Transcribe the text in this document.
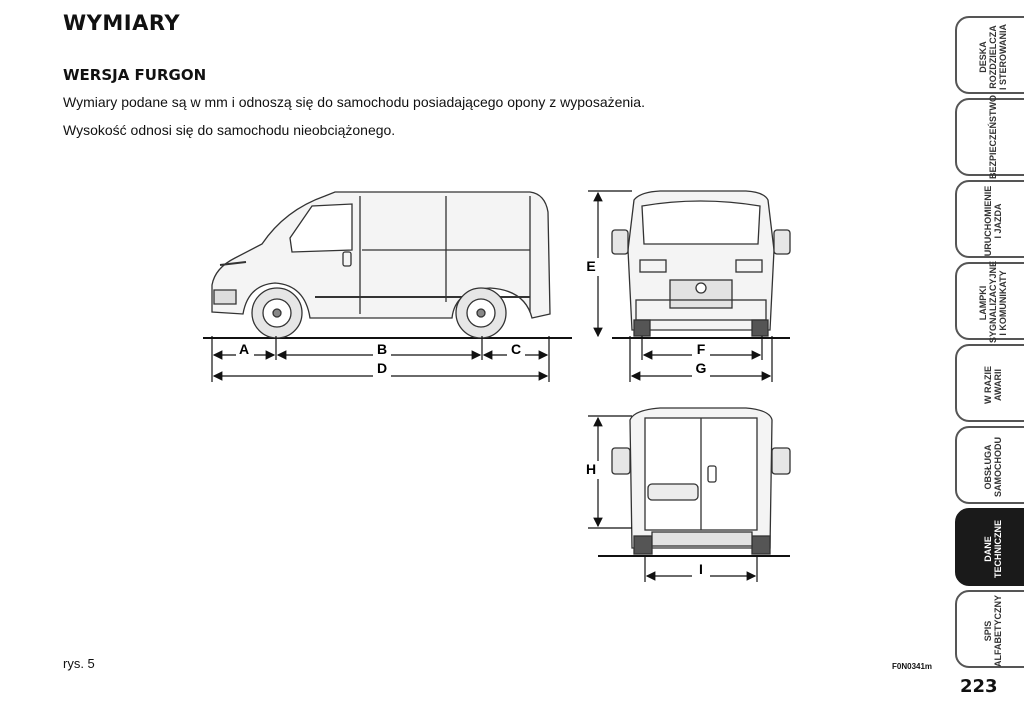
WYMIARY
WERSJA FURGON
Wymiary podane są w mm i odnoszą się do samochodu posiadającego opony z wyposażenia.
Wysokość odnosi się do samochodu nieobciążonego.
A	B	C
D
E
F
G
H
I
rys. 5	F0N0341m
DESKA
ROZDZIELCZA
I STEROWANIA
BEZPIECZEŃSTWO
URUCHOMIENIE
I JAZDA
LAMPKI
SYGNALIZACYJNE
I KOMUNIKATY
W RAZIE
AWARII
OBSŁUGA
SAMOCHODU
DANE
TECHNICZNE
SPIS
ALFABETYCZNY
223
